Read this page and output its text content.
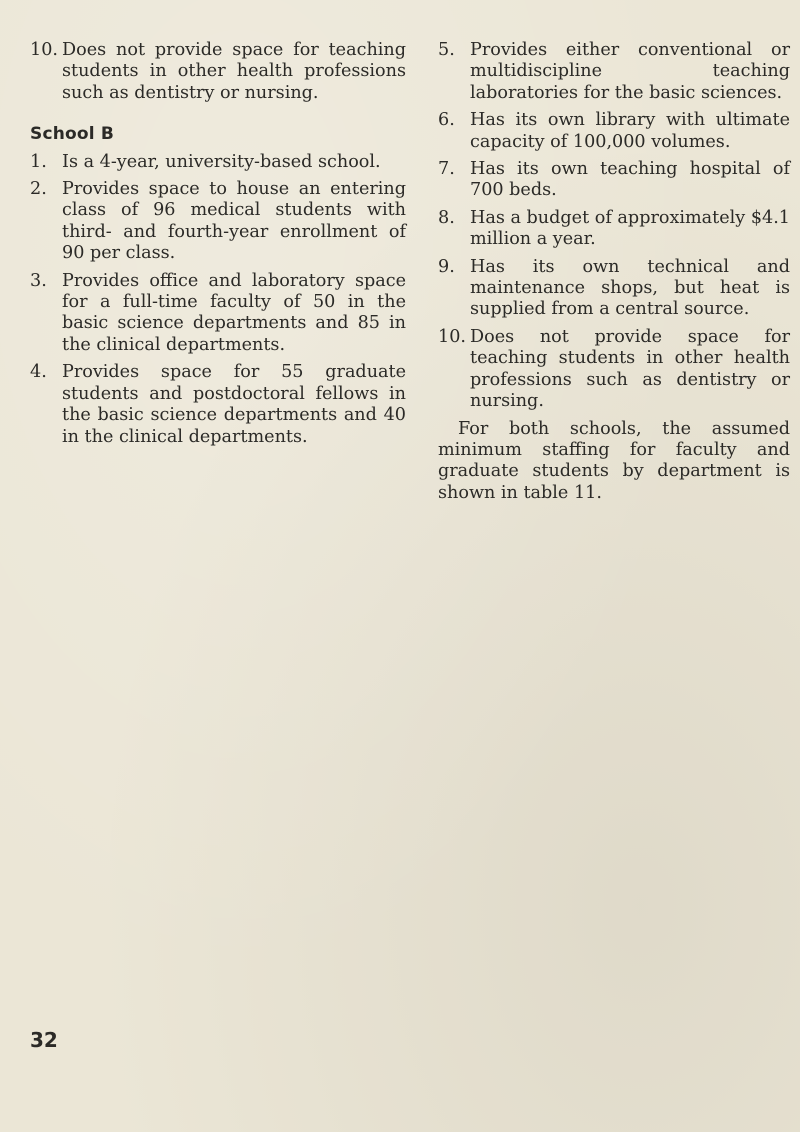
10. Does not provide space for teaching students in other health professions such as dentistry or nursing.
School B
1. Is a 4-year, university-based school.
2. Provides space to house an entering class of 96 medical students with third- and fourth-year enrollment of 90 per class.
3. Provides office and laboratory space for a full-time faculty of 50 in the basic science departments and 85 in the clinical departments.
4. Provides space for 55 graduate students and postdoctoral fellows in the basic science departments and 40 in the clinical departments.
5. Provides either conventional or multidiscipline teaching laboratories for the basic sciences.
6. Has its own library with ultimate capacity of 100,000 volumes.
7. Has its own teaching hospital of 700 beds.
8. Has a budget of approximately $4.1 million a year.
9. Has its own technical and maintenance shops, but heat is supplied from a central source.
10. Does not provide space for teaching students in other health professions such as dentistry or nursing.

For both schools, the assumed minimum staffing for faculty and graduate students by department is shown in table 11.

32
